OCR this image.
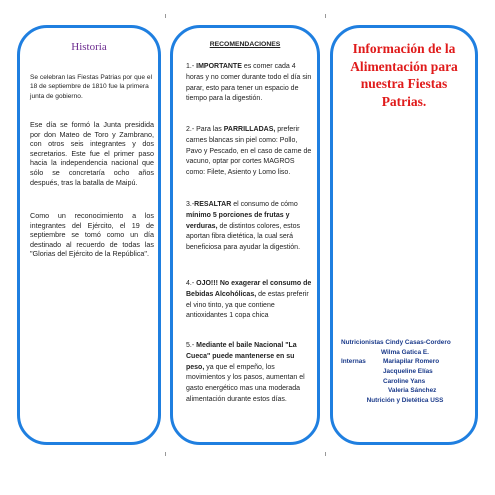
Historia
Se celebran las Fiestas Patrias por que el 18 de septiembre de 1810 fue la primera junta de gobierno.
Ese día se formó la Junta presidida por don Mateo de Toro y Zambrano, con otros seis integrantes y dos secretarios. Este fue el primer paso hacia la independencia nacional que sólo se concretaría ocho años después, tras la batalla de Maipú.
Como un reconocimiento a los integrantes del Ejército, el 19 de septiembre se tomó como un día destinado al recuerdo de todas las "Glorias del Ejército de la República".
RECOMENDACIONES
1.- IMPORTANTE es comer cada 4 horas y no comer durante todo el día sin parar, esto para tener un espacio de tiempo para la digestión.
2.- Para las PARRILLADAS, preferir carnes blancas sin piel como: Pollo, Pavo y Pescado, en el caso de carne de vacuno, optar por cortes MAGROS como: Filete, Asiento y Lomo liso.
3.-RESALTAR el consumo de cómo mínimo 5 porciones de frutas y verduras, de distintos colores, estos aportan fibra dietética, la cual será beneficiosa para ayudar la digestión.
4.- OJO!!! No exagerar el consumo de Bebidas Alcohólicas, de estas preferir el vino tinto, ya que contiene antioxidantes 1 copa chica
5.- Mediante el baile Nacional "La Cueca" puede mantenerse en su peso, ya que el empeño, los movimientos y los pasos, aumentan el gasto energético mas una moderada alimentación durante estos días.
Información de la Alimentación para nuestra Fiestas Patrias.
Nutricionistas Cindy Casas-Cordero
Wilma Gatica E.
Internas	Mariapilar Romero
Jacqueline Elías
Caroline Yans
Valeria Sánchez
Nutrición y Dietética USS
